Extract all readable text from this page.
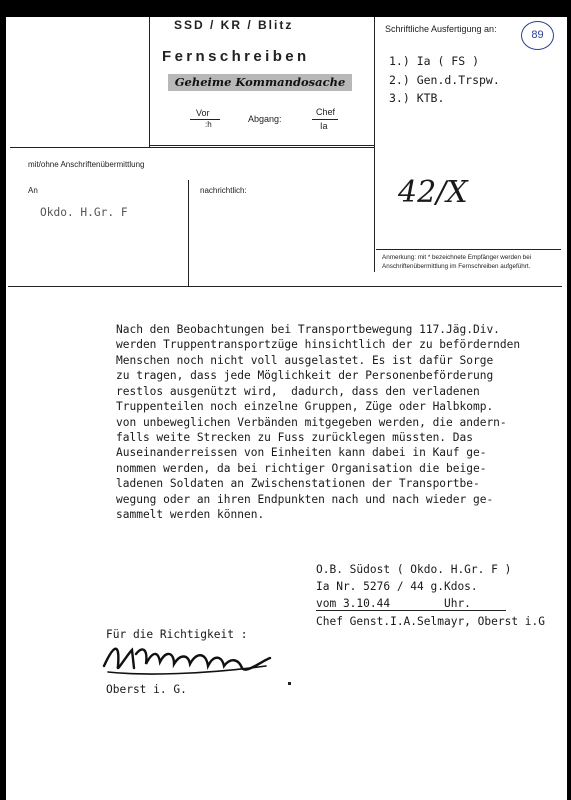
SSD / KR / Blitz
Fernschreiben
Geheime Kommandosache
Vor
:h
Abgang:
Chef
Ia
Schriftliche Ausfertigung an:	89
1.) Ia ( FS )
2.) Gen.d.Trspw.
3.) KTB.
mit/ohne Anschriftenübermittlung
An
Okdo. H.Gr. F
nachrichtlich:	42/X
Anmerkung: mit * bezeichnete Empfänger werden bei Anschriftenübermittlung im Fernschreiben aufgeführt.
Nach den Beobachtungen bei Transportbewegung 117.Jäg.Div.
werden Truppentransportzüge hinsichtlich der zu befördernden
Menschen noch nicht voll ausgelastet. Es ist dafür Sorge
zu tragen, dass jede Möglichkeit der Personenbeförderung
restlos ausgenützt wird,  dadurch, dass den verladenen
Truppenteilen noch einzelne Gruppen, Züge oder Halbkomp.
von unbeweglichen Verbänden mitgegeben werden, die andern-
falls weite Strecken zu Fuss zurücklegen müssten. Das
Auseinanderreissen von Einheiten kann dabei in Kauf ge-
nommen werden, da bei richtiger Organisation die beige-
ladenen Soldaten an Zwischenstationen der Transportbe-
wegung oder an ihren Endpunkten nach und nach wieder ge-
sammelt werden können.
O.B. Südost ( Okdo. H.Gr. F )
Ia Nr. 5276 / 44 g.Kdos.
vom 3.10.44        Uhr.
Chef Genst.I.A.Selmayr, Oberst i.G
Für die Richtigkeit :
Oberst i. G.
